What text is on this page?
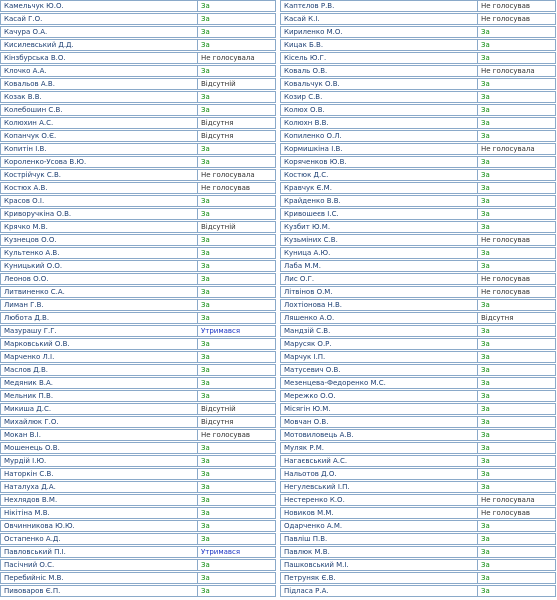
Камельчук Ю.О.	За
Касай Г.О.	За
Качура О.А.	За
Кисилевський Д.Д.	За
Кінзбурська В.О.	Не голосувала
Клочко А.А.	За
Ковальов А.В.	Відсутній
Козак В.В.	За
Колебошин С.В.	За
Колюхин А.С.	Відсутня
Копанчук О.Є.	Відсутня
Копитін І.В.	За
Короленко-Усова В.Ю.	За
Кострійчук С.В.	Не голосувала
Костюх А.В.	Не голосував
Красов О.І.	За
Криворучкіна О.В.	За
Крячко М.В.	Відсутній
Кузнецов О.О.	За
Культенко А.В.	За
Куницький О.О.	За
Леонов О.О.	За
Литвиненко С.А.	За
Лиман Г.В.	За
Любота Д.В.	За
Мазурашу Г.Г.	Утримався
Марковський О.В.	За
Марченко Л.І.	За
Маслов Д.В.	За
Медяник В.А.	За
Мельник П.В.	За
Микиша Д.С.	Відсутній
Михайлюк Г.О.	Відсутня
Мокан В.І.	Не голосував
Мошенець О.В.	За
Мурдій І.Ю.	За
Наторкін С.В.	За
Наталуха Д.А.	За
Нехлядов В.М.	За
Нікітіна М.В.	За
Овчинникова Ю.Ю.	За
Остапенко А.Д.	За
Павловський П.І.	Утримався
Пасічний О.С.	За
Перебийніс М.В.	За
Пивоваров Є.П.	За
Каптєлов Р.В.	Не голосував
Касай К.І.	Не голосував
Кириленко М.О.	За
Кицак Б.В.	За
Кісель Ю.Г.	За
Коваль О.В.	Не голосувала
Ковальчук О.В.	За
Козир С.В.	За
Колюх О.В.	За
Колюхн В.В.	За
Копиленко О.Л.	За
Кормишкіна І.В.	Не голосувала
Коряченков Ю.В.	За
Костюк Д.С.	За
Кравчук Є.М.	За
Крайденко В.В.	За
Кривошеєв І.С.	За
Кузбит Ю.М.	За
Кузьміних С.В.	Не голосував
Куница А.Ю.	За
Лаба М.М.	За
Лис О.Г.	Не голосував
Літвінов О.М.	Не голосував
Лохтіонова Н.В.	За
Ляшенко А.О.	Відсутня
Мандзій С.В.	За
Марусяк О.Р.	За
Марчук І.П.	За
Матусевич О.В.	За
Мезенцева-Федоренко М.С.	За
Мережко О.О.	За
Місягін Ю.М.	За
Мовчан О.В.	За
Мотовиловець А.В.	За
Муляк Р.М.	За
Нагаєвський А.С.	За
Нальотов Д.О.	За
Негулевський І.П.	За
Нестеренко К.О.	Не голосувала
Новиков М.М.	Не голосував
Одарченко А.М.	За
Павліш П.В.	За
Павлюк М.В.	За
Пашковський М.І.	За
Петруняк Є.В.	За
Підласа Р.А.	За
